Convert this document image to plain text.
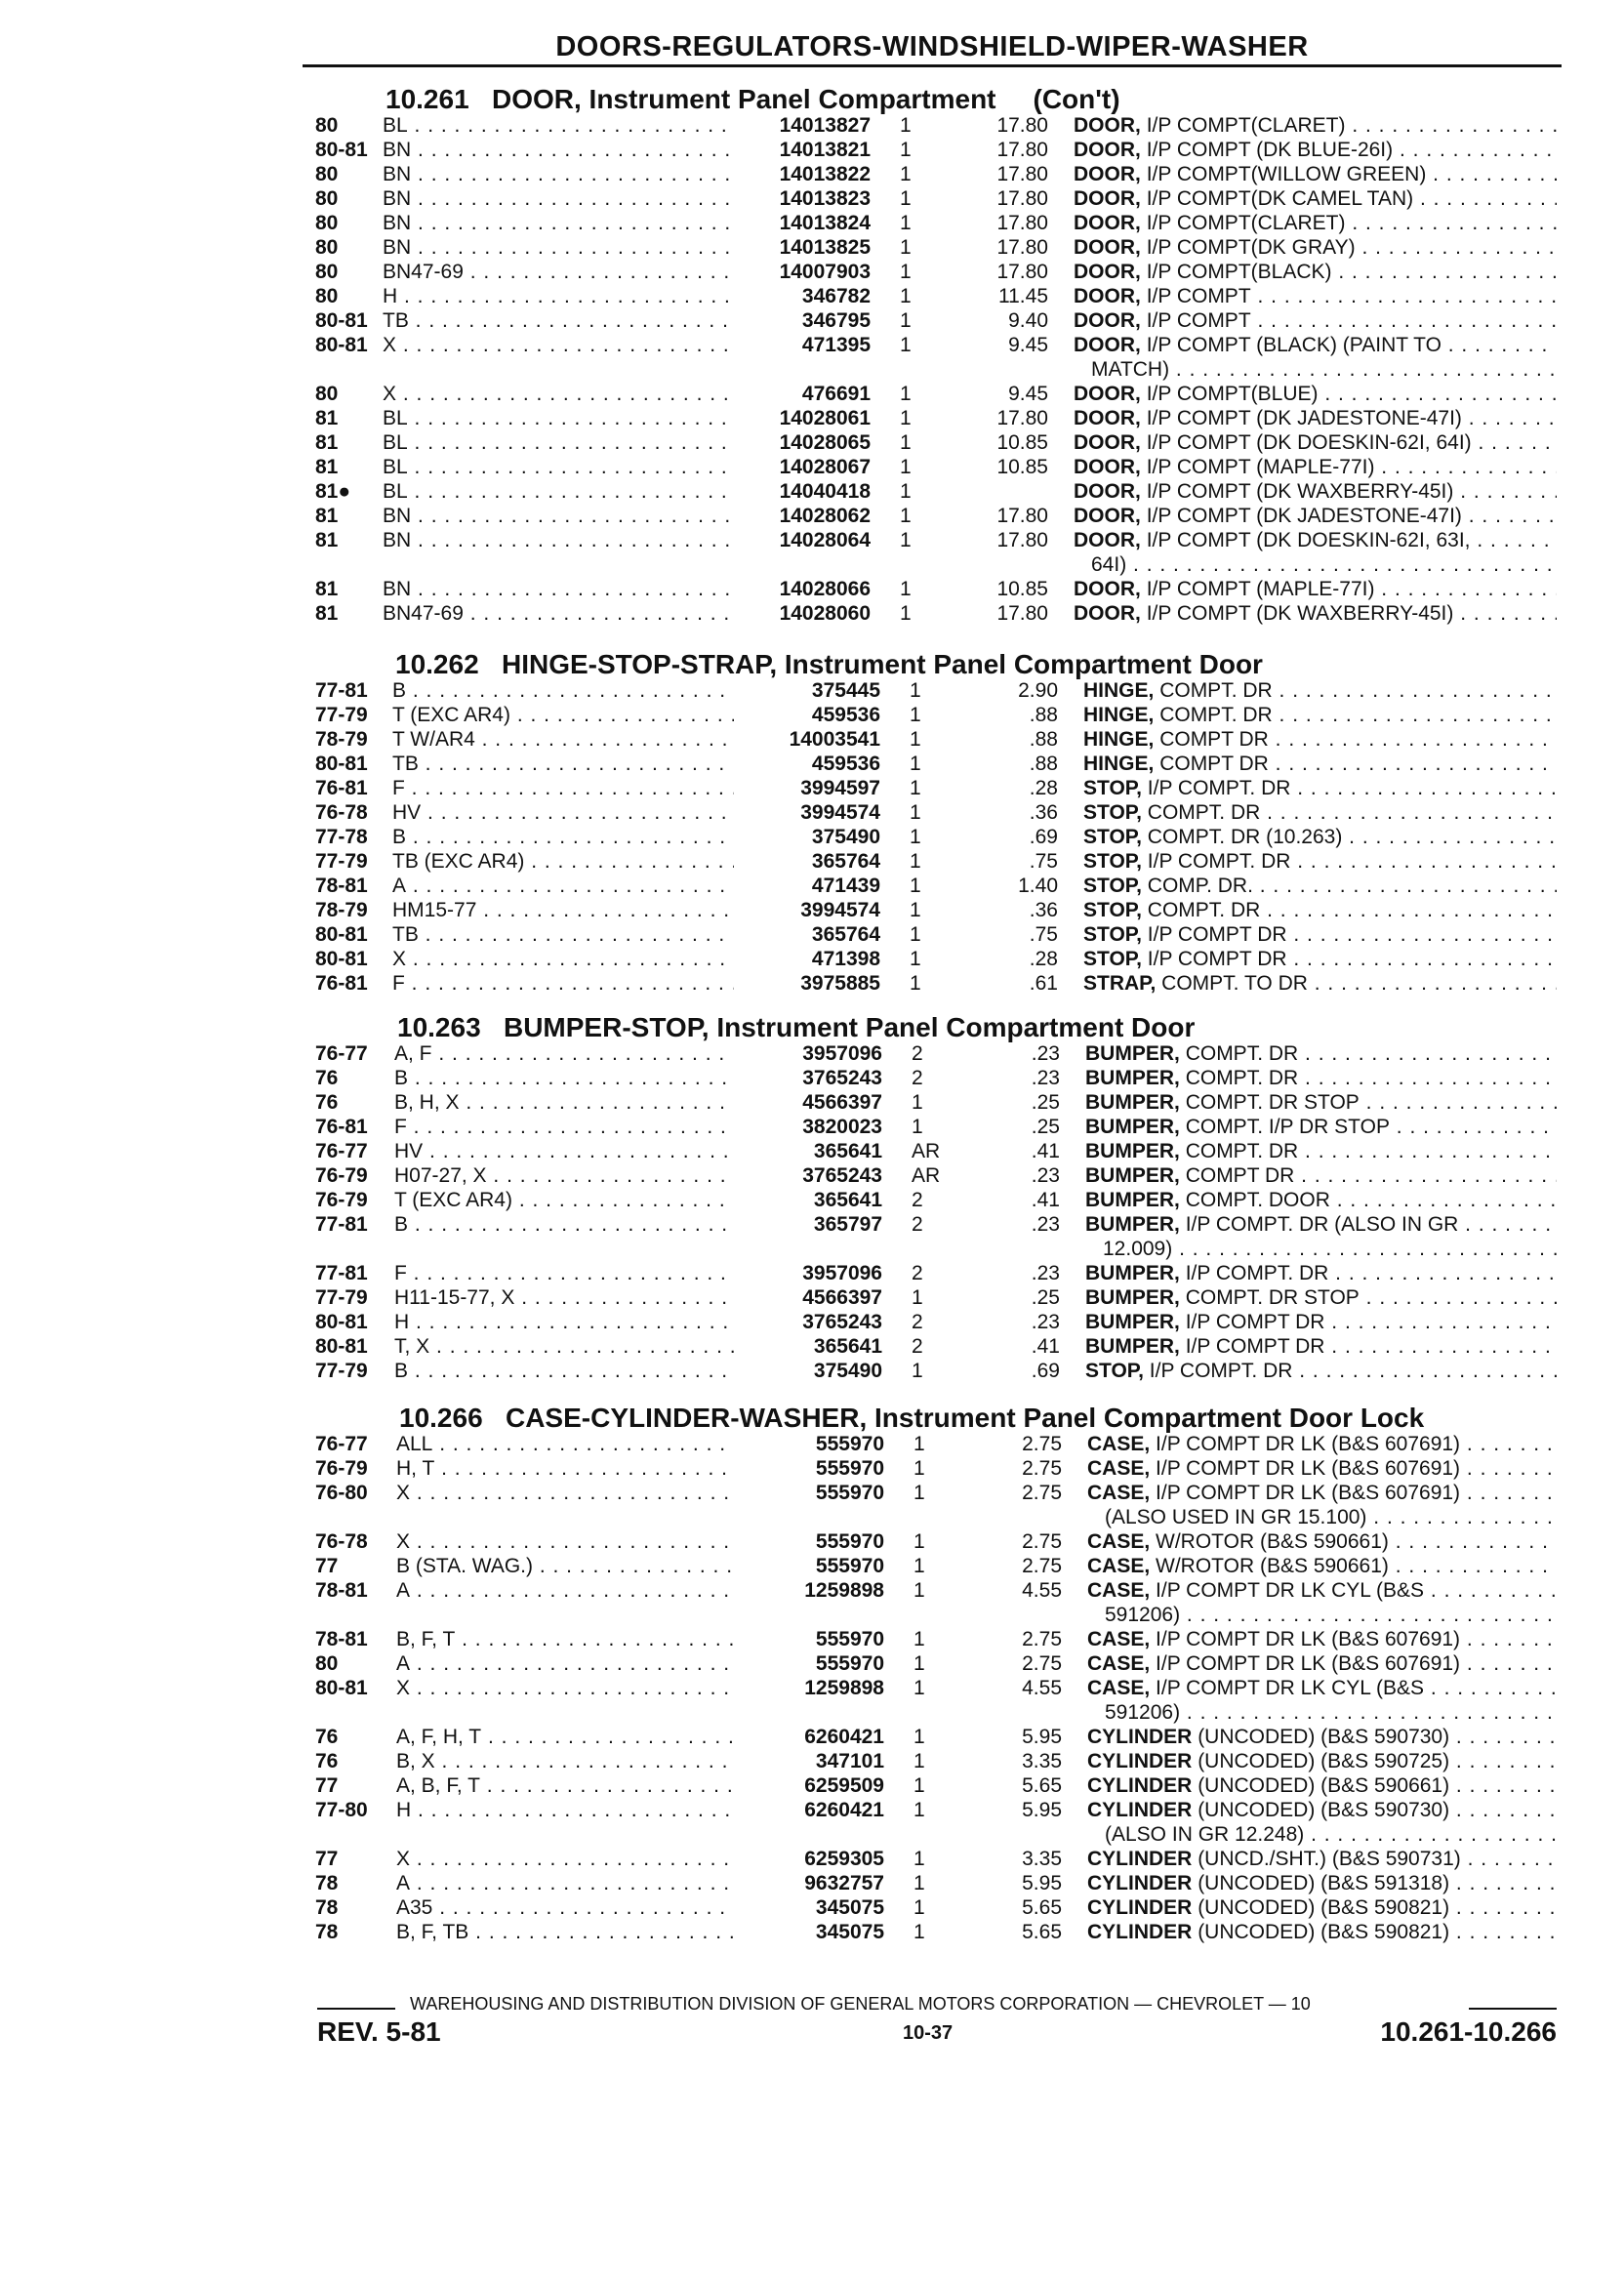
DOORS-REGULATORS-WINDSHIELD-WIPER-WASHER
10.261 DOOR, Instrument Panel Compartment (Con't)
80	BL . . .	14013827 1	17.80 DOOR, I/P COMPT(CLARET) . . .
80-81 BN . . .	14013821 1	17.80 DOOR, I/P COMPT (DK BLUE-26I) . . .
80	BN . . .	14013822 1	17.80 DOOR, I/P COMPT(WILLOW GREEN) . . .
80	BN . . .	14013823 1	17.80 DOOR, I/P COMPT(DK CAMEL TAN) . . .
80	BN . . .	14013824 1	17.80 DOOR, I/P COMPT(CLARET) . . .
80	BN . . .	14013825 1	17.80 DOOR, I/P COMPT(DK GRAY) . . .
80	BN47-69 . . .	14007903 1	17.80 DOOR, I/P COMPT(BLACK) . . .
80	H . . .	346782 1	11.45 DOOR, I/P COMPT . . .
80-81 TB . . .	346795 1	9.40 DOOR, I/P COMPT . . .
80-81 X . . .	471395 1	9.45 DOOR, I/P COMPT (BLACK) (PAINT TO . . .
MATCH) . . .
80	X . . .	476691 1	9.45 DOOR, I/P COMPT(BLUE) . . .
81	BL . . .	14028061 1	17.80 DOOR, I/P COMPT (DK JADESTONE-47I) . . .
81	BL . . .	14028065 1	10.85 DOOR, I/P COMPT (DK DOESKIN-62I, 64I) . . .
81	BL . . .	14028067 1	10.85 DOOR, I/P COMPT (MAPLE-77I) . . .
81●	BL . . .	14040418 1	DOOR, I/P COMPT (DK WAXBERRY-45I) . . .
81	BN . . .	14028062 1	17.80 DOOR, I/P COMPT (DK JADESTONE-47I) . . .
81	BN . . .	14028064 1	17.80 DOOR, I/P COMPT (DK DOESKIN-62I, 63I, . . .
64I) . . .
81	BN . . .	14028066 1	10.85 DOOR, I/P COMPT (MAPLE-77I) . . .
81	BN47-69 . . .	14028060 1	17.80 DOOR, I/P COMPT (DK WAXBERRY-45I) . . .
10.262 HINGE-STOP-STRAP, Instrument Panel Compartment Door
77-81	B . . .	375445 1	2.90 HINGE, COMPT. DR . . .
77-79	T (EXC AR4) . . .	459536 1	.88 HINGE, COMPT. DR . . .
78-79	T W/AR4 . . .	14003541 1	.88 HINGE, COMPT DR . . .
80-81	TB . . .	459536 1	.88 HINGE, COMPT DR . . .
76-81	F . . .	3994597 1	.28 STOP, I/P COMPT. DR . . .
76-78	HV . . .	3994574 1	.36 STOP, COMPT. DR . . .
77-78	B . . .	375490 1	.69 STOP, COMPT. DR (10.263) . . .
77-79	TB (EXC AR4) . . .	365764 1	.75 STOP, I/P COMPT. DR . . .
78-81	A . . .	471439 1	1.40 STOP, COMP. DR. . . .
78-79	HM15-77 . . .	3994574 1	.36 STOP, COMPT. DR . . .
80-81	TB . . .	365764 1	.75 STOP, I/P COMPT DR . . .
80-81	X . . .	471398 1	.28 STOP, I/P COMPT DR . . .
76-81	F . . .	3975885 1	.61 STRAP, COMPT. TO DR . . .
10.263 BUMPER-STOP, Instrument Panel Compartment Door
76-77	A, F . . .	3957096 2	.23 BUMPER, COMPT. DR . . .
76	B . . .	3765243 2	.23 BUMPER, COMPT. DR . . .
76	B, H, X . . .	4566397 1	.25 BUMPER, COMPT. DR STOP . . .
76-81	F . . .	3820023 1	.25 BUMPER, COMPT. I/P DR STOP . . .
76-77	HV . . .	365641 AR	.41 BUMPER, COMPT. DR . . .
76-79	H07-27, X . . .	3765243 AR	.23 BUMPER, COMPT DR . . .
76-79	T (EXC AR4) . . .	365641 2	.41 BUMPER, COMPT. DOOR . . .
77-81	B . . .	365797 2	.23 BUMPER, I/P COMPT. DR (ALSO IN GR . . .
12.009) . . .
77-81	F . . .	3957096 2	.23 BUMPER, I/P COMPT. DR . . .
77-79	H11-15-77, X . . .	4566397 1	.25 BUMPER, COMPT. DR STOP . . .
80-81	H . . .	3765243 2	.23 BUMPER, I/P COMPT DR . . .
80-81	T, X . . .	365641 2	.41 BUMPER, I/P COMPT DR . . .
77-79	B . . .	375490 1	.69 STOP, I/P COMPT. DR . . .
10.266 CASE-CYLINDER-WASHER, Instrument Panel Compartment Door Lock
76-77	ALL . . .	555970 1	2.75 CASE, I/P COMPT DR LK (B&S 607691) . . .
76-79	H, T . . .	555970 1	2.75 CASE, I/P COMPT DR LK (B&S 607691) . . .
76-80	X . . .	555970 1	2.75 CASE, I/P COMPT DR LK (B&S 607691) . . .
(ALSO USED IN GR 15.100) . . .
76-78	X . . .	555970 1	2.75 CASE, W/ROTOR (B&S 590661) . . .
77	B (STA. WAG.) . . .	555970 1	2.75 CASE, W/ROTOR (B&S 590661) . . .
78-81	A . . .	1259898 1	4.55 CASE, I/P COMPT DR LK CYL (B&S . . .
591206) . . .
78-81	B, F, T . . .	555970 1	2.75 CASE, I/P COMPT DR LK (B&S 607691) . . .
80	A . . .	555970 1	2.75 CASE, I/P COMPT DR LK (B&S 607691) . . .
80-81	X . . .	1259898 1	4.55 CASE, I/P COMPT DR LK CYL (B&S . . .
591206) . . .
76	A, F, H, T . . .	6260421 1	5.95 CYLINDER (UNCODED) (B&S 590730) . . .
76	B, X . . .	347101 1	3.35 CYLINDER (UNCODED) (B&S 590725) . . .
77	A, B, F, T . . .	6259509 1	5.65 CYLINDER (UNCODED) (B&S 590661) . . .
77-80	H . . .	6260421 1	5.95 CYLINDER (UNCODED) (B&S 590730) . . .
(ALSO IN GR 12.248) . . .
77	X . . .	6259305 1	3.35 CYLINDER (UNCD./SHT.) (B&S 590731) . . .
78	A . . .	9632757 1	5.95 CYLINDER (UNCODED) (B&S 591318) . . .
78	A35 . . .	345075 1	5.65 CYLINDER (UNCODED) (B&S 590821) . . .
78	B, F, TB . . .	345075 1	5.65 CYLINDER (UNCODED) (B&S 590821) . . .
WAREHOUSING AND DISTRIBUTION DIVISION OF GENERAL MOTORS CORPORATION — CHEVROLET — 10
REV. 5-81	10-37	10.261-10.266
